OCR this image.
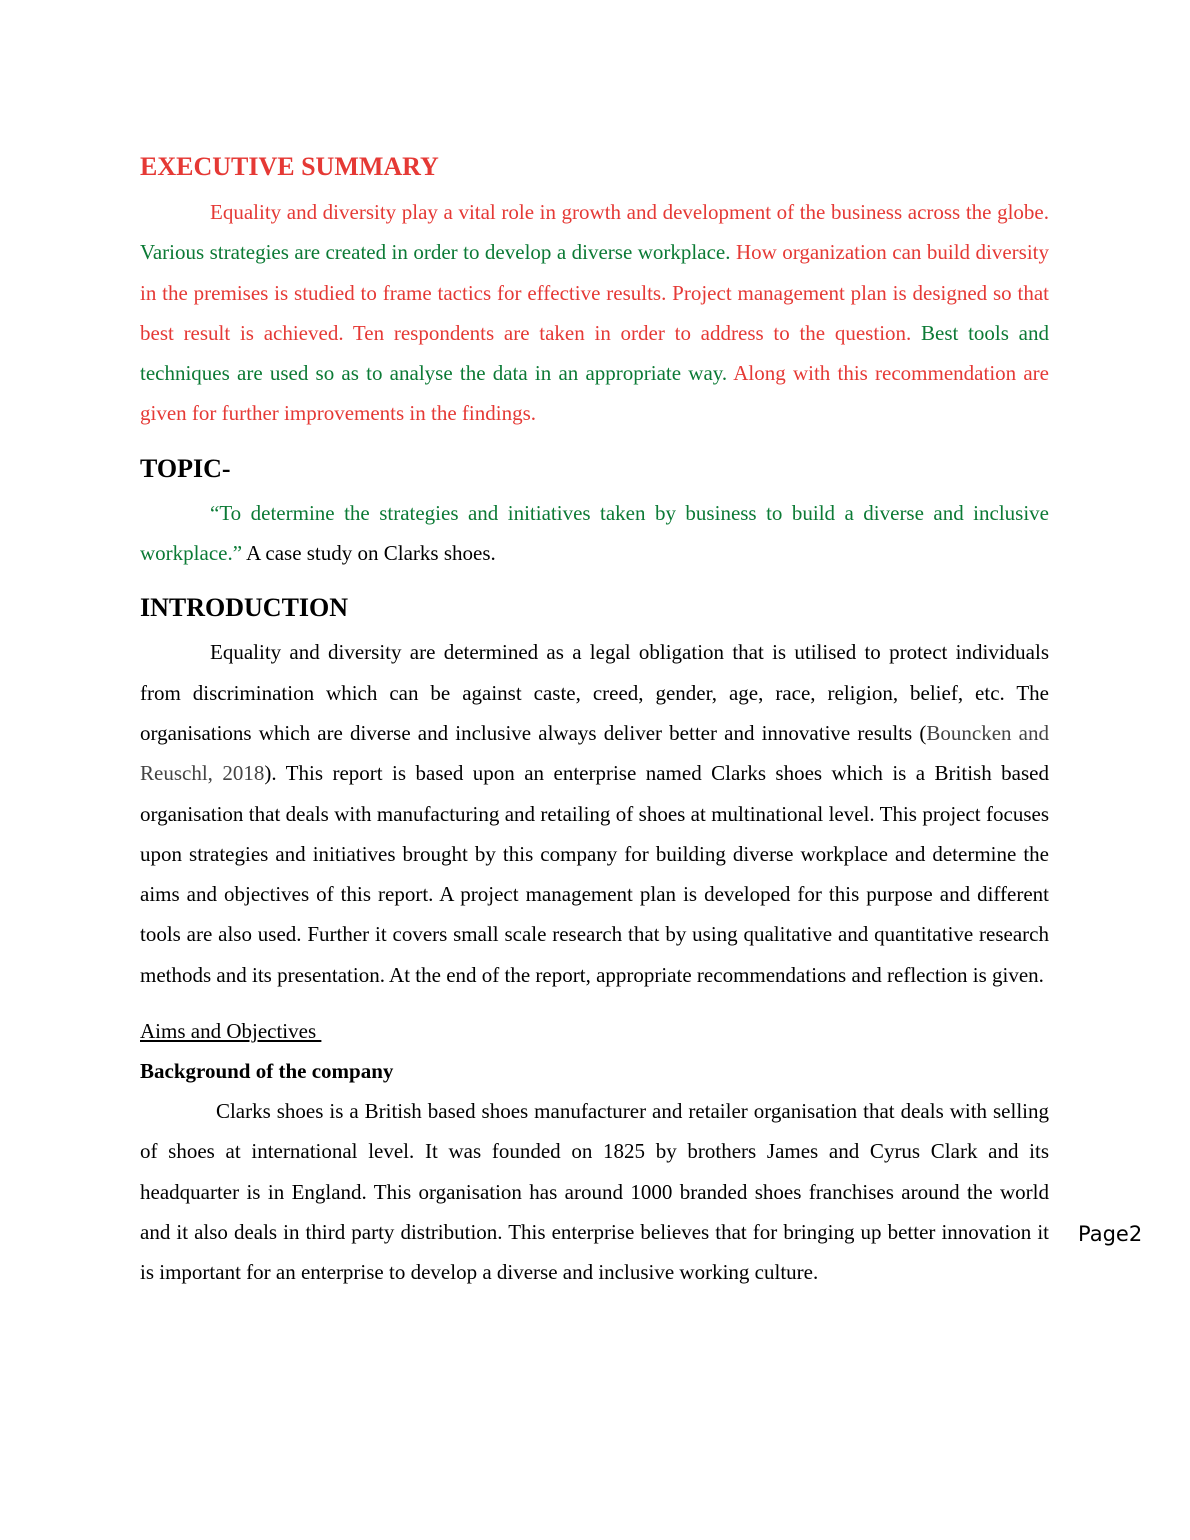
EXECUTIVE SUMMARY

Equality and diversity play a vital role in growth and development of the business across the globe. Various strategies are created in order to develop a diverse workplace. How organization can build diversity in the premises is studied to frame tactics for effective results. Project management plan is designed so that best result is achieved. Ten respondents are taken in order to address to the question. Best tools and techniques are used so as to analyse the data in an appropriate way. Along with this recommendation are given for further improvements in the findings.

TOPIC-

“To determine the strategies and initiatives taken by business to build a diverse and inclusive workplace.” A case study on Clarks shoes.

INTRODUCTION

Equality and diversity are determined as a legal obligation that is utilised to protect individuals from discrimination which can be against caste, creed, gender, age, race, religion, belief, etc. The organisations which are diverse and inclusive always deliver better and innovative results (Bouncken and Reuschl, 2018). This report is based upon an enterprise named Clarks shoes which is a British based organisation that deals with manufacturing and retailing of shoes at multinational level. This project focuses upon strategies and initiatives brought by this company for building diverse workplace and determine the aims and objectives of this report. A project management plan is developed for this purpose and different tools are also used. Further it covers small scale research that by using qualitative and quantitative research methods and its presentation. At the end of the report, appropriate recommendations and reflection is given.

Aims and Objectives
Background of the company

Clarks shoes is a British based shoes manufacturer and retailer organisation that deals with selling of shoes at international level. It was founded on 1825 by brothers James and Cyrus Clark and its headquarter is in England. This organisation has around 1000 branded shoes franchises around the world and it also deals in third party distribution. This enterprise believes that for bringing up better innovation it is important for an enterprise to develop a diverse and inclusive working culture.

Page2
